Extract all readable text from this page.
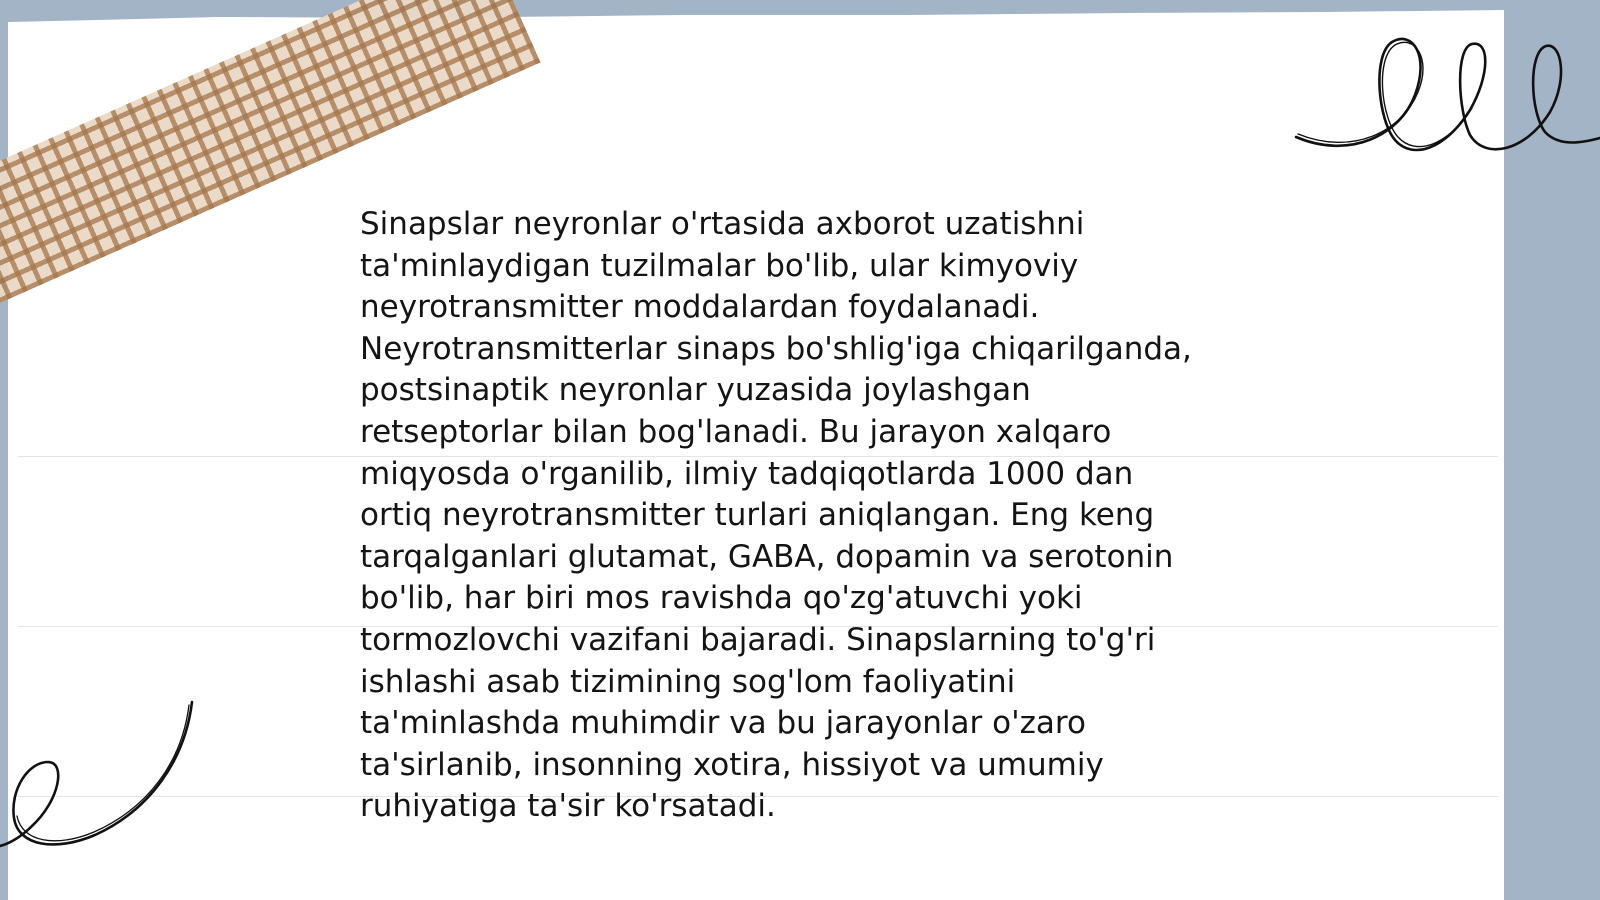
Sinapslar neyronlar o'rtasida axborot uzatishni
ta'minlaydigan tuzilmalar bo'lib, ular kimyoviy
neyrotransmitter moddalardan foydalanadi.
Neyrotransmitterlar sinaps bo'shlig'iga chiqarilganda,
postsinaptik neyronlar yuzasida joylashgan
retseptorlar bilan bog'lanadi. Bu jarayon xalqaro
miqyosda o'rganilib, ilmiy tadqiqotlarda 1000 dan
ortiq neyrotransmitter turlari aniqlangan. Eng keng
tarqalganlari glutamat, GABA, dopamin va serotonin
bo'lib, har biri mos ravishda qo'zg'atuvchi yoki
tormozlovchi vazifani bajaradi. Sinapslarning to'g'ri
ishlashi asab tizimining sog'lom faoliyatini
ta'minlashda muhimdir va bu jarayonlar o'zaro
ta'sirlanib, insonning xotira, hissiyot va umumiy
ruhiyatiga ta'sir ko'rsatadi.
